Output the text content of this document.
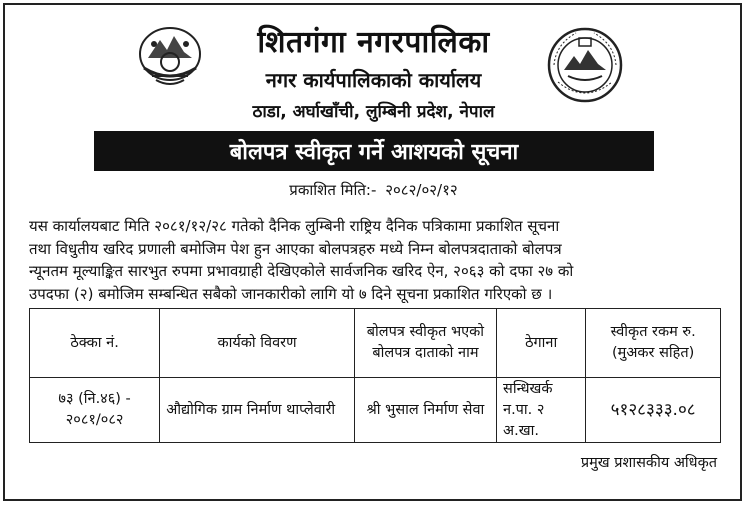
शितगंगा नगरपालिका
नगर कार्यपालिकाको कार्यालय
ठाडा, अर्घाखाँची, लुम्बिनी प्रदेश, नेपाल
बोलपत्र स्वीकृत गर्ने आशयको सूचना
प्रकाशित मिति:- २०८२/०२/१२
यस कार्यालयबाट मिति २०८१/१२/२८ गतेको दैनिक लुम्बिनी राष्ट्रिय दैनिक पत्रिकामा प्रकाशित सूचना
तथा विधुतीय खरिद प्रणाली बमोजिम पेश हुन आएका बोलपत्रहरु मध्ये निम्न बोलपत्रदाताको बोलपत्र
न्यूनतम मूल्याङ्कित सारभुत रुपमा प्रभावग्राही देखिएकोले सार्वजनिक खरिद ऐन, २०६३ को दफा २७ को
उपदफा (२) बमोजिम सम्बन्धित सबैको जानकारीको लागि यो ७ दिने सूचना प्रकाशित गरिएको छ ।
ठेक्का नं.	कार्यको विवरण	बोलपत्र स्वीकृत भएको बोलपत्र दाताको नाम	ठेगाना	स्वीकृत रकम रु. (मुअकर सहित)
७३ (नि.४६) - २०८१/०८२	औद्योगिक ग्राम निर्माण थाप्लेवारी	श्री भुसाल निर्माण सेवा	सन्धिखर्क न.पा. २ अ.खा.	५१२८३३३.०८
प्रमुख प्रशासकीय अधिकृत
